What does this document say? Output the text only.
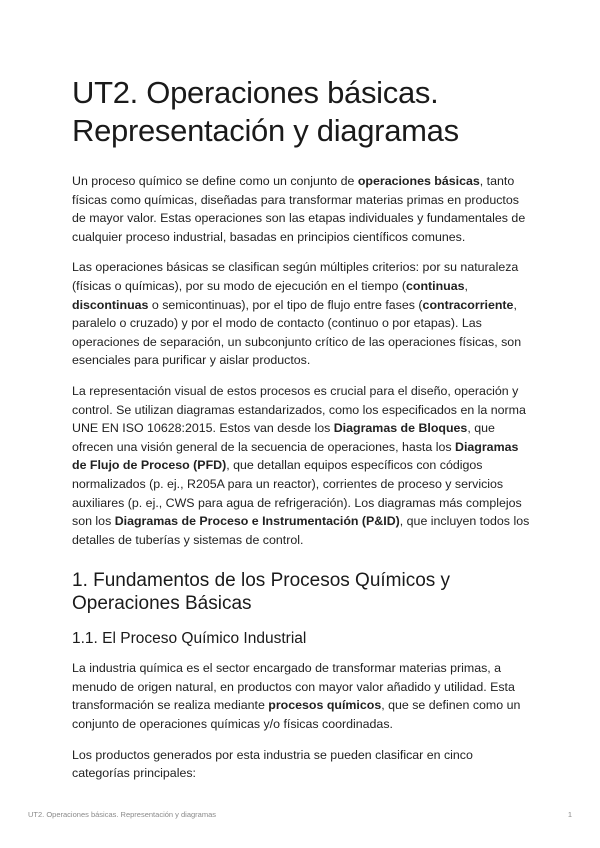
UT2. Operaciones básicas.
Representación y diagramas

Un proceso químico se define como un conjunto de operaciones básicas, tanto físicas como químicas, diseñadas para transformar materias primas en productos de mayor valor. Estas operaciones son las etapas individuales y fundamentales de cualquier proceso industrial, basadas en principios científicos comunes.

Las operaciones básicas se clasifican según múltiples criterios: por su naturaleza (físicas o químicas), por su modo de ejecución en el tiempo (continuas, discontinuas o semicontinuas), por el tipo de flujo entre fases (contracorriente, paralelo o cruzado) y por el modo de contacto (continuo o por etapas). Las operaciones de separación, un subconjunto crítico de las operaciones físicas, son esenciales para purificar y aislar productos.

La representación visual de estos procesos es crucial para el diseño, operación y control. Se utilizan diagramas estandarizados, como los especificados en la norma UNE EN ISO 10628:2015. Estos van desde los Diagramas de Bloques, que ofrecen una visión general de la secuencia de operaciones, hasta los Diagramas de Flujo de Proceso (PFD), que detallan equipos específicos con códigos normalizados (p. ej., R205A para un reactor), corrientes de proceso y servicios auxiliares (p. ej., CWS para agua de refrigeración). Los diagramas más complejos son los Diagramas de Proceso e Instrumentación (P&ID), que incluyen todos los detalles de tuberías y sistemas de control.

1. Fundamentos de los Procesos Químicos y Operaciones Básicas
1.1. El Proceso Químico Industrial

La industria química es el sector encargado de transformar materias primas, a menudo de origen natural, en productos con mayor valor añadido y utilidad. Esta transformación se realiza mediante procesos químicos, que se definen como un conjunto de operaciones químicas y/o físicas coordinadas.

Los productos generados por esta industria se pueden clasificar en cinco categorías principales:

UT2. Operaciones básicas. Representación y diagramas	1
